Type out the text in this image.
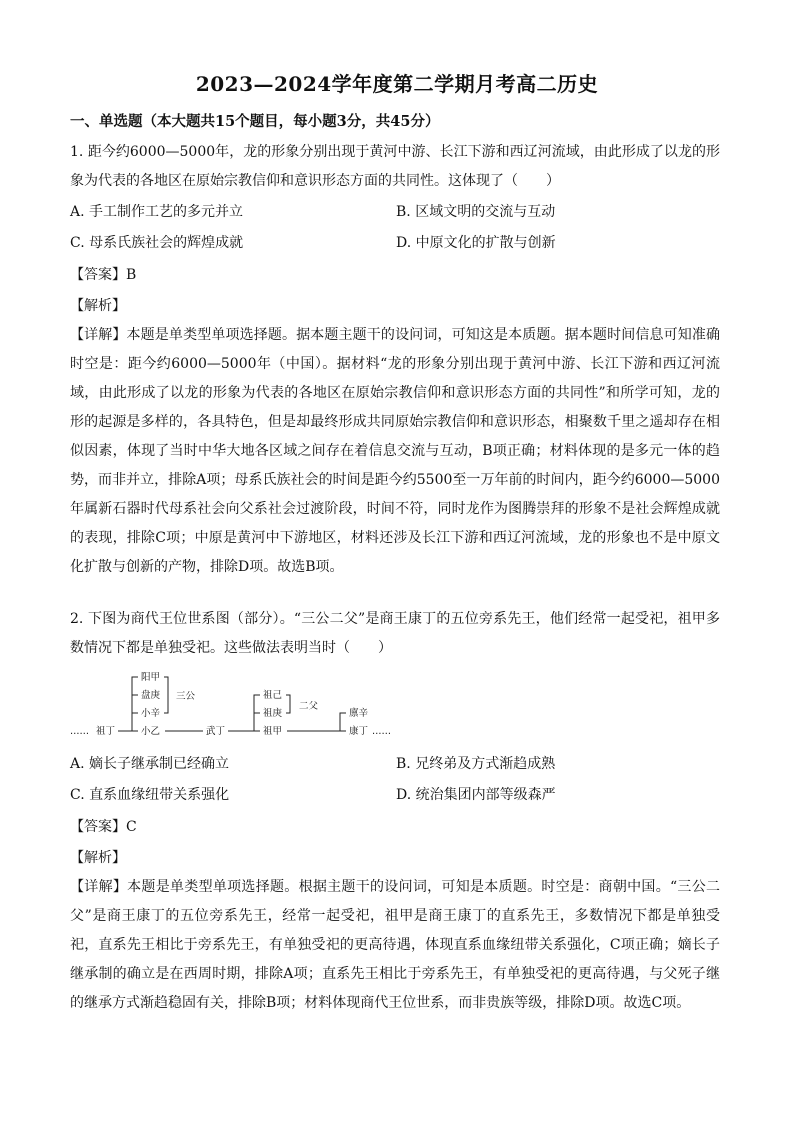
2023—2024学年度第二学期月考高二历史
一、单选题（本大题共15个题目，每小题3分，共45分）
1. 距今约6000—5000年，龙的形象分别出现于黄河中游、长江下游和西辽河流域，由此形成了以龙的形象为代表的各地区在原始宗教信仰和意识形态方面的共同性。这体现了（　　）
A. 手工制作工艺的多元并立	B. 区域文明的交流与互动
C. 母系氏族社会的辉煌成就	D. 中原文化的扩散与创新
【答案】B
【解析】
【详解】本题是单类型单项选择题。据本题主题干的设问词，可知这是本质题。据本题时间信息可知准确时空是：距今约6000—5000年（中国）。据材料“龙的形象分别出现于黄河中游、长江下游和西辽河流域，由此形成了以龙的形象为代表的各地区在原始宗教信仰和意识形态方面的共同性”和所学可知，龙的形的起源是多样的，各具特色，但是却最终形成共同原始宗教信仰和意识形态，相聚数千里之遥却存在相似因素，体现了当时中华大地各区域之间存在着信息交流与互动，B项正确；材料体现的是多元一体的趋势，而非并立，排除A项；母系氏族社会的时间是距今约5500至一万年前的时间内，距今约6000—5000年属新石器时代母系社会向父系社会过渡阶段，时间不符，同时龙作为图腾崇拜的形象不是社会辉煌成就的表现，排除C项；中原是黄河中下游地区，材料还涉及长江下游和西辽河流域，龙的形象也不是中原文化扩散与创新的产物，排除D项。故选B项。
2. 下图为商代王位世系图（部分）。“三公二父”是商王康丁的五位旁系先王，他们经常一起受祀，祖甲多数情况下都是单独受祀。这些做法表明当时（　　）
…… 祖丁
阳甲
盘庚
小辛
小乙
三公
武丁
祖己
祖庚
祖甲
二父
廪辛
康丁 ……
A. 嫡长子继承制已经确立	B. 兄终弟及方式渐趋成熟
C. 直系血缘纽带关系强化	D. 统治集团内部等级森严
【答案】C
【解析】
【详解】本题是单类型单项选择题。根据主题干的设问词，可知是本质题。时空是：商朝中国。“三公二父”是商王康丁的五位旁系先王，经常一起受祀，祖甲是商王康丁的直系先王，多数情况下都是单独受祀，直系先王相比于旁系先王，有单独受祀的更高待遇，体现直系血缘纽带关系强化，C项正确；嫡长子继承制的确立是在西周时期，排除A项；直系先王相比于旁系先王，有单独受祀的更高待遇，与父死子继的继承方式渐趋稳固有关，排除B项；材料体现商代王位世系，而非贵族等级，排除D项。故选C项。
